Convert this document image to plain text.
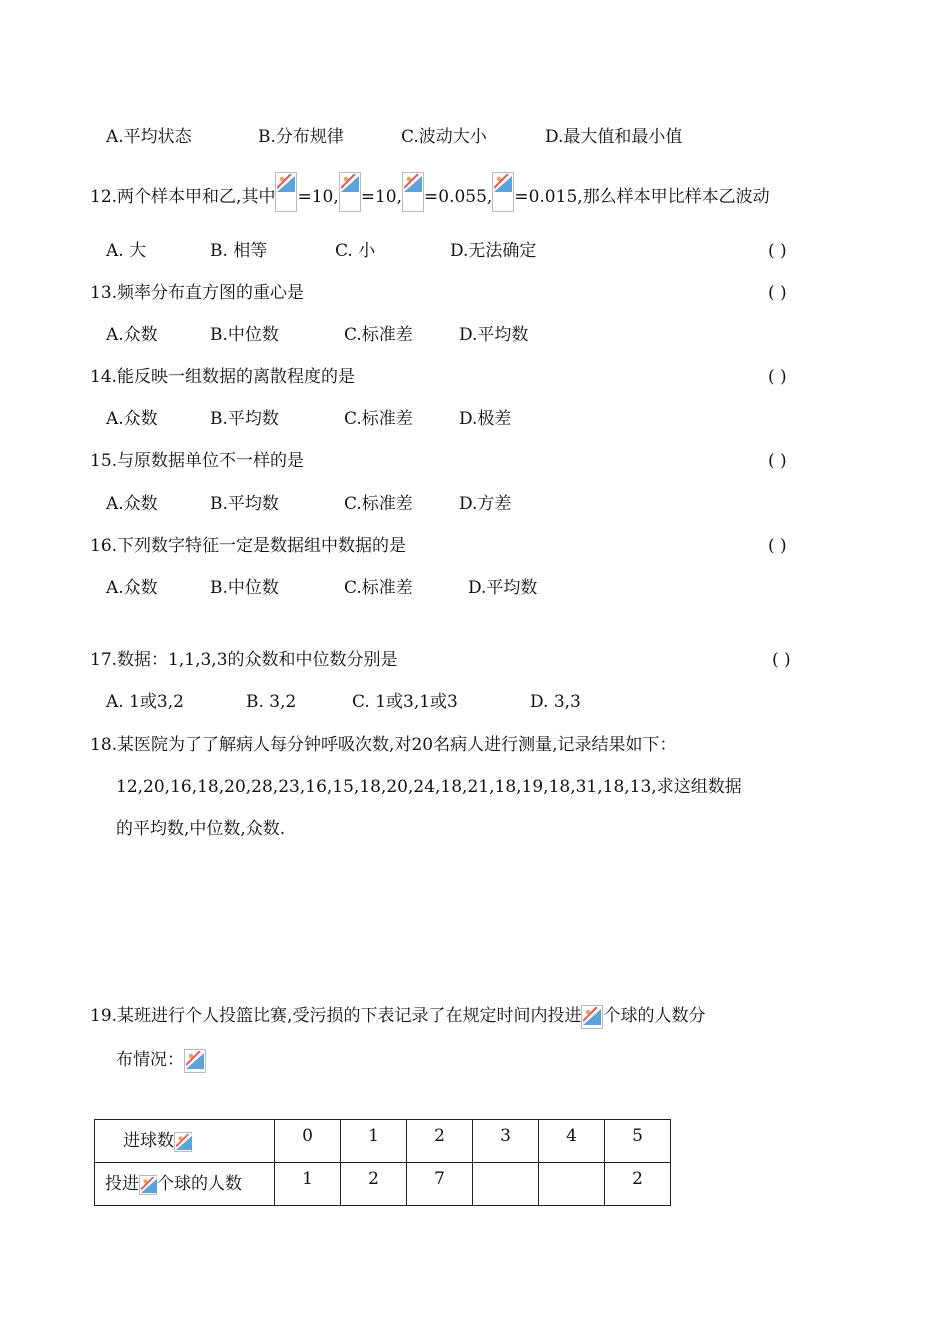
A.平均状态	B.分布规律	C.波动大小	D.最大值和最小值
12.两个样本甲和乙,其中 =10, =10, =0.055, =0.015,那么样本甲比样本乙波动
A. 大	B. 相等	C. 小	D.无法确定	( )
13.频率分布直方图的重心是	( )
A.众数	B.中位数	C.标准差	D.平均数
14.能反映一组数据的离散程度的是	( )
A.众数	B.平均数	C.标准差	D.极差
15.与原数据单位不一样的是	( )
A.众数	B.平均数	C.标准差	D.方差
16.下列数字特征一定是数据组中数据的是	( )
A.众数	B.中位数	C.标准差	D.平均数
17.数据：1,1,3,3的众数和中位数分别是	( )
A. 1或3,2	B. 3,2	C. 1或3,1或3	D. 3,3
18.某医院为了了解病人每分钟呼吸次数,对20名病人进行测量,记录结果如下：
12,20,16,18,20,28,23,16,15,18,20,24,18,21,18,19,18,31,18,13,求这组数据
的平均数,中位数,众数.
19.某班进行个人投篮比赛,受污损的下表记录了在规定时间内投进 个球的人数分
布情况：
进球数	0	1	2	3	4	5
投进 个球的人数	1	2	7			2
